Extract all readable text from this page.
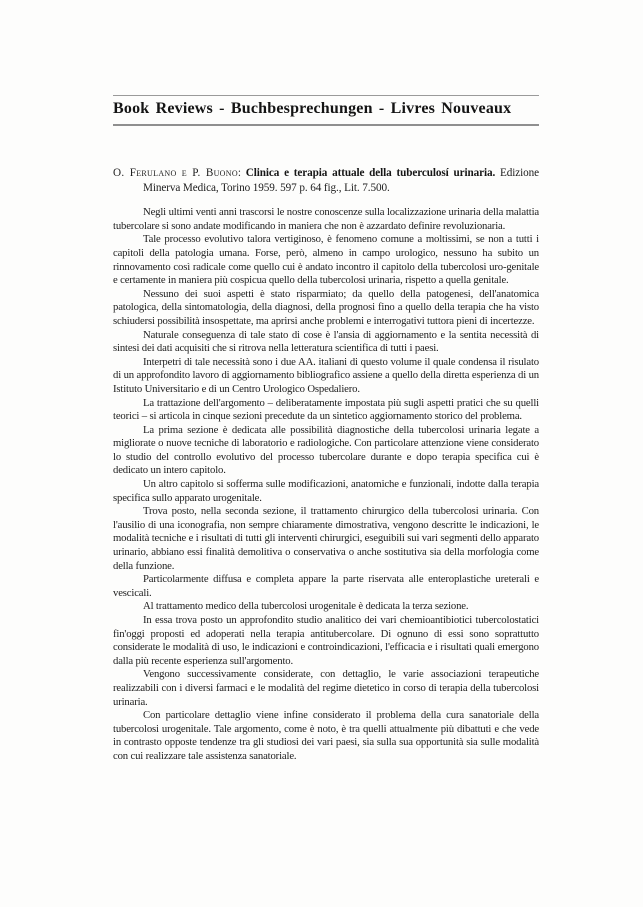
Book Reviews - Buchbesprechungen - Livres Nouveaux

O. Ferulano e P. Buono: Clinica e terapia attuale della tuberculosí urinaria. Edizione Minerva Medica, Torino 1959. 597 p. 64 fig., Lit. 7.500.

Negli ultimi venti anni trascorsi le nostre conoscenze sulla localizzazione urinaria della malattia tubercolare si sono andate modificando in maniera che non è azzardato definire revoluzionaria.

Tale processo evolutivo talora vertiginoso, è fenomeno comune a moltissimi, se non a tutti i capitoli della patologia umana. Forse, però, almeno in campo urologico, nessuno ha subito un rinnovamento così radicale come quello cui è andato incontro il capitolo della tubercolosi uro-genitale e certamente in maniera più cospicua quello della tubercolosi urinaria, rispetto a quella genitale.

Nessuno dei suoi aspetti è stato risparmiato; da quello della patogenesi, dell'anatomica patologica, della sintomatologia, della diagnosi, della prognosi fino a quello della terapia che ha visto schiudersi possibilità insospettate, ma aprirsi anche problemi e interrogativi tuttora pieni di incertezze.

Naturale conseguenza di tale stato di cose è l'ansia di aggiornamento e la sentita necessità di sintesi dei dati acquisiti che si ritrova nella letteratura scientifica di tutti i paesi.

Interpetri di tale necessità sono i due AA. italiani di questo volume il quale condensa il risulato di un approfondito lavoro di aggiornamento bibliografico assiene a quello della diretta esperienza di un Istituto Universitario e di un Centro Urologico Ospedaliero.

La trattazione dell'argomento – deliberatamente impostata più sugli aspetti pratici che su quelli teorici – si articola in cinque sezioni precedute da un sintetico aggiornamento storico del problema.

La prima sezione è dedicata alle possibilità diagnostiche della tubercolosi urinaria legate a migliorate o nuove tecniche di laboratorio e radiologiche. Con particolare attenzione viene considerato lo studio del controllo evolutivo del processo tubercolare durante e dopo terapia specifica cui è dedicato un intero capitolo.

Un altro capitolo si sofferma sulle modificazioni, anatomiche e funzionali, indotte dalla terapia specifica sullo apparato urogenitale.

Trova posto, nella seconda sezione, il trattamento chirurgico della tubercolosi urinaria. Con l'ausilio di una iconografia, non sempre chiaramente dimostrativa, vengono descritte le indicazioni, le modalità tecniche e i risultati di tutti gli interventi chirurgici, eseguibili sui vari segmenti dello apparato urinario, abbiano essi finalità demolitiva o conservativa o anche sostitutiva sia della morfologia come della funzione.

Particolarmente diffusa e completa appare la parte riservata alle enteroplastiche ureterali e vescicali.

Al trattamento medico della tubercolosi urogenitale è dedicata la terza sezione.

In essa trova posto un approfondito studio analitico dei vari chemioantibiotici tubercolostatici fin'oggi proposti ed adoperati nella terapia antitubercolare. Di ognuno di essi sono soprattutto considerate le modalità di uso, le indicazioni e controindicazioni, l'efficacia e i risultati quali emergono dalla più recente esperienza sull'argomento.

Vengono successivamente considerate, con dettaglio, le varie associazioni terapeutiche realizzabili con i diversi farmaci e le modalità del regime dietetico in corso di terapia della tubercolosi urinaria.

Con particolare dettaglio viene infine considerato il problema della cura sanatoriale della tubercolosi urogenitale. Tale argomento, come è noto, è tra quelli attualmente più dibattuti e che vede in contrasto opposte tendenze tra gli studiosi dei vari paesi, sia sulla sua opportunità sia sulle modalità con cui realizzare tale assistenza sanatoriale.
